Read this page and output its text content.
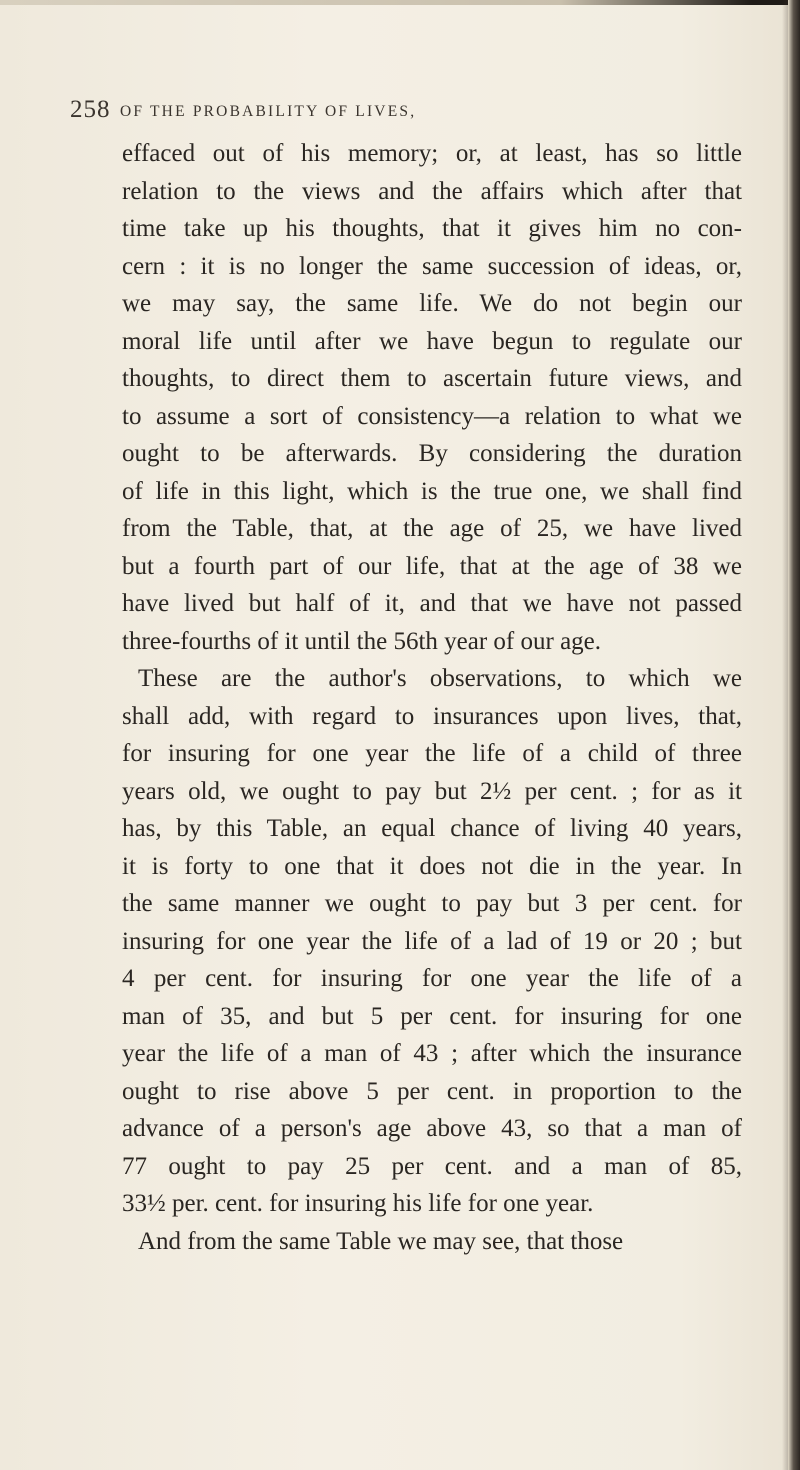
258 OF THE PROBABILITY OF LIVES,
effaced out of his memory; or, at least, has so little
relation to the views and the affairs which after that
time take up his thoughts, that it gives him no con-
cern : it is no longer the same succession of ideas, or,
we may say, the same life. We do not begin our
moral life until after we have begun to regulate our
thoughts, to direct them to ascertain future views, and
to assume a sort of consistency—a relation to what we
ought to be afterwards. By considering the duration
of life in this light, which is the true one, we shall find
from the Table, that, at the age of 25, we have lived
but a fourth part of our life, that at the age of 38 we
have lived but half of it, and that we have not passed
three-fourths of it until the 56th year of our age.
These are the author's observations, to which we
shall add, with regard to insurances upon lives, that,
for insuring for one year the life of a child of three
years old, we ought to pay but 2½ per cent. ; for as it
has, by this Table, an equal chance of living 40 years,
it is forty to one that it does not die in the year. In
the same manner we ought to pay but 3 per cent. for
insuring for one year the life of a lad of 19 or 20 ; but
4 per cent. for insuring for one year the life of a
man of 35, and but 5 per cent. for insuring for one
year the life of a man of 43 ; after which the insurance
ought to rise above 5 per cent. in proportion to the
advance of a person's age above 43, so that a man of
77 ought to pay 25 per cent. and a man of 85,
33½ per. cent. for insuring his life for one year.
And from the same Table we may see, that those
